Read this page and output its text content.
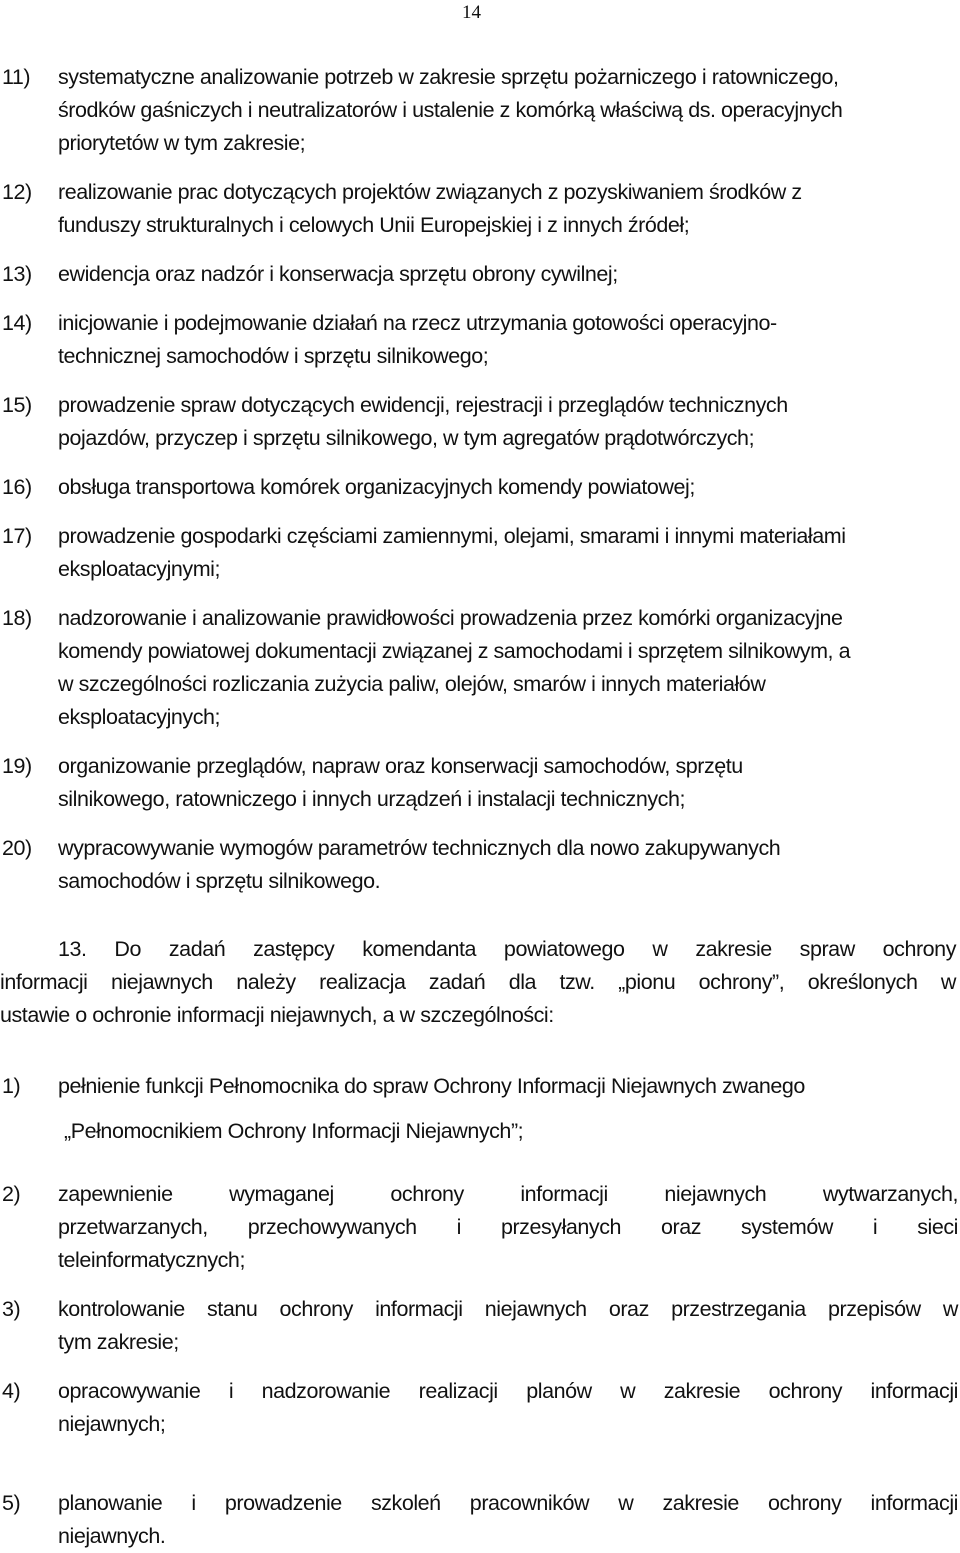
14
11) systematyczne analizowanie potrzeb w zakresie sprzętu pożarniczego i ratowniczego,
środków gaśniczych i neutralizatorów i ustalenie z komórką właściwą ds. operacyjnych
priorytetów w tym zakresie;
12) realizowanie prac dotyczących projektów związanych z pozyskiwaniem środków z
funduszy strukturalnych i celowych Unii Europejskiej i z innych źródeł;
13) ewidencja oraz nadzór i konserwacja sprzętu obrony cywilnej;
14) inicjowanie i podejmowanie działań na rzecz utrzymania gotowości operacyjno-
technicznej samochodów i sprzętu silnikowego;
15) prowadzenie spraw dotyczących ewidencji, rejestracji i przeglądów technicznych
pojazdów, przyczep i sprzętu silnikowego, w tym agregatów prądotwórczych;
16) obsługa transportowa komórek organizacyjnych komendy powiatowej;
17) prowadzenie gospodarki częściami zamiennymi, olejami, smarami i innymi materiałami
eksploatacyjnymi;
18) nadzorowanie i analizowanie prawidłowości prowadzenia przez komórki organizacyjne
komendy powiatowej dokumentacji związanej z samochodami i sprzętem silnikowym, a
w szczególności rozliczania zużycia paliw, olejów, smarów i innych materiałów
eksploatacyjnych;
19) organizowanie przeglądów, napraw oraz konserwacji samochodów, sprzętu
silnikowego, ratowniczego i innych urządzeń i instalacji technicznych;
20) wypracowywanie wymogów parametrów technicznych dla nowo zakupywanych
samochodów i sprzętu silnikowego.
13. Do zadań zastępcy komendanta powiatowego w zakresie spraw ochrony
informacji niejawnych należy realizacja zadań dla tzw. „pionu ochrony”, określonych w
ustawie o ochronie informacji niejawnych, a w szczególności:
1) pełnienie funkcji Pełnomocnika do spraw Ochrony Informacji Niejawnych zwanego
„Pełnomocnikiem Ochrony Informacji Niejawnych”;
2) zapewnienie wymaganej ochrony informacji niejawnych wytwarzanych,
przetwarzanych, przechowywanych i przesyłanych oraz systemów i sieci
teleinformatycznych;
3) kontrolowanie stanu ochrony informacji niejawnych oraz przestrzegania przepisów w
tym zakresie;
4) opracowywanie i nadzorowanie realizacji planów w zakresie ochrony informacji
niejawnych;
5) planowanie i prowadzenie szkoleń pracowników w zakresie ochrony informacji
niejawnych.
